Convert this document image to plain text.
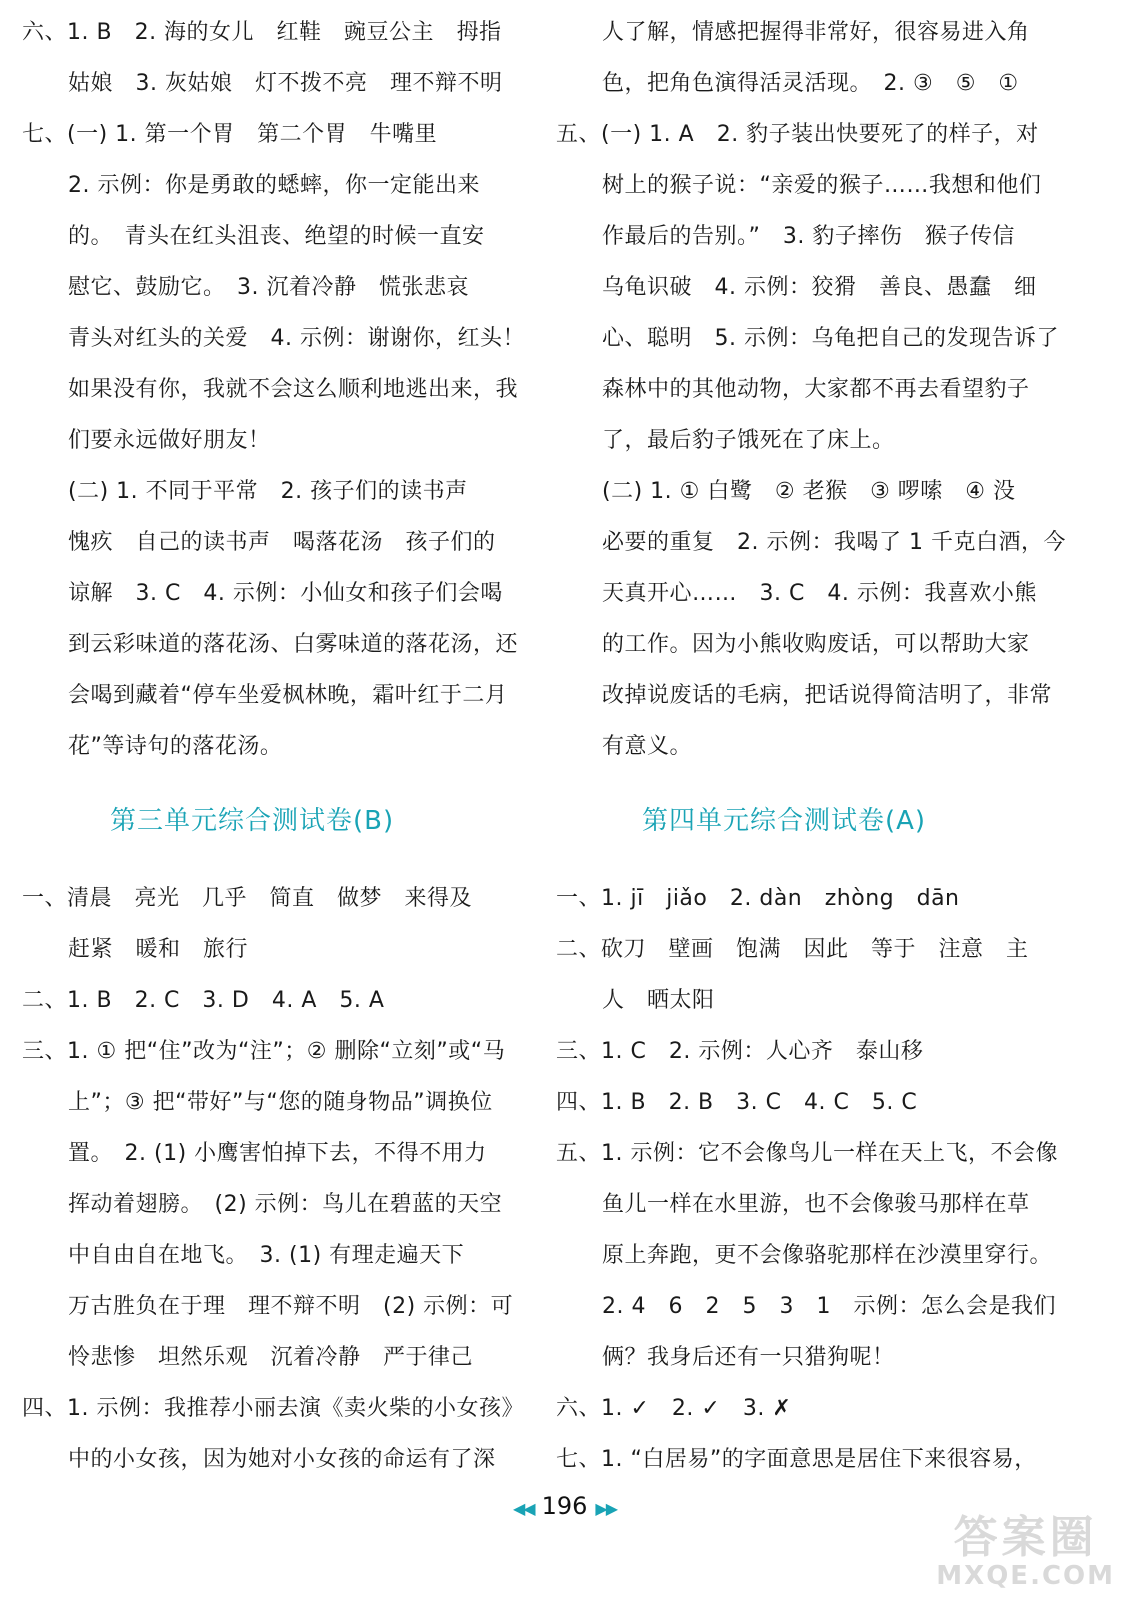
六、1. B　2. 海的女儿　红鞋　豌豆公主　拇指
姑娘　3. 灰姑娘　灯不拨不亮　理不辩不明
七、(一) 1. 第一个胃　第二个胃　牛嘴里
2. 示例：你是勇敢的蟋蟀，你一定能出来
的。　青头在红头沮丧、绝望的时候一直安
慰它、鼓励它。　3. 沉着冷静　慌张悲哀
青头对红头的关爱　4. 示例：谢谢你，红头！
如果没有你，我就不会这么顺利地逃出来，我
们要永远做好朋友！
(二) 1. 不同于平常　2. 孩子们的读书声
愧疚　自己的读书声　喝落花汤　孩子们的
谅解　3. C　4. 示例：小仙女和孩子们会喝
到云彩味道的落花汤、白雾味道的落花汤，还
会喝到藏着“停车坐爱枫林晚，霜叶红于二月
花”等诗句的落花汤。
第三单元综合测试卷(B)
一、清晨　亮光　几乎　简直　做梦　来得及
赶紧　暖和　旅行
二、1. B　2. C　3. D　4. A　5. A
三、1. ① 把“住”改为“注”；② 删除“立刻”或“马
上”；③ 把“带好”与“您的随身物品”调换位
置。　2. (1) 小鹰害怕掉下去，不得不用力
挥动着翅膀。　(2) 示例：鸟儿在碧蓝的天空
中自由自在地飞。　3. (1) 有理走遍天下
万古胜负在于理　理不辩不明　(2) 示例：可
怜悲惨　坦然乐观　沉着冷静　严于律己
四、1. 示例：我推荐小丽去演《卖火柴的小女孩》
中的小女孩，因为她对小女孩的命运有了深
人了解，情感把握得非常好，很容易进入角
色，把角色演得活灵活现。　2. ③　⑤　①
五、(一) 1. A　2. 豹子装出快要死了的样子，对
树上的猴子说：“亲爱的猴子……我想和他们
作最后的告别。”　3. 豹子摔伤　猴子传信
乌龟识破　4. 示例：狡猾　善良、愚蠢　细
心、聪明　5. 示例：乌龟把自己的发现告诉了
森林中的其他动物，大家都不再去看望豹子
了，最后豹子饿死在了床上。
(二) 1. ① 白鹭　② 老猴　③ 啰嗦　④ 没
必要的重复　2. 示例：我喝了 1 千克白酒，今
天真开心……　3. C　4. 示例：我喜欢小熊
的工作。因为小熊收购废话，可以帮助大家
改掉说废话的毛病，把话说得简洁明了，非常
有意义。
第四单元综合测试卷(A)
一、1. jī　jiǎo　2. dàn　zhòng　dān
二、砍刀　壁画　饱满　因此　等于　注意　主
人　晒太阳
三、1. C　2. 示例：人心齐　泰山移
四、1. B　2. B　3. C　4. C　5. C
五、1. 示例：它不会像鸟儿一样在天上飞，不会像
鱼儿一样在水里游，也不会像骏马那样在草
原上奔跑，更不会像骆驼那样在沙漠里穿行。
2. 4　6　2　5　3　1　示例：怎么会是我们
俩？我身后还有一只猎狗呢！
六、1. ✓　2. ✓　3. ✗
七、1. “白居易”的字面意思是居住下来很容易，
◀◀ 196 ▶▶
答案圈
MXQE.COM
